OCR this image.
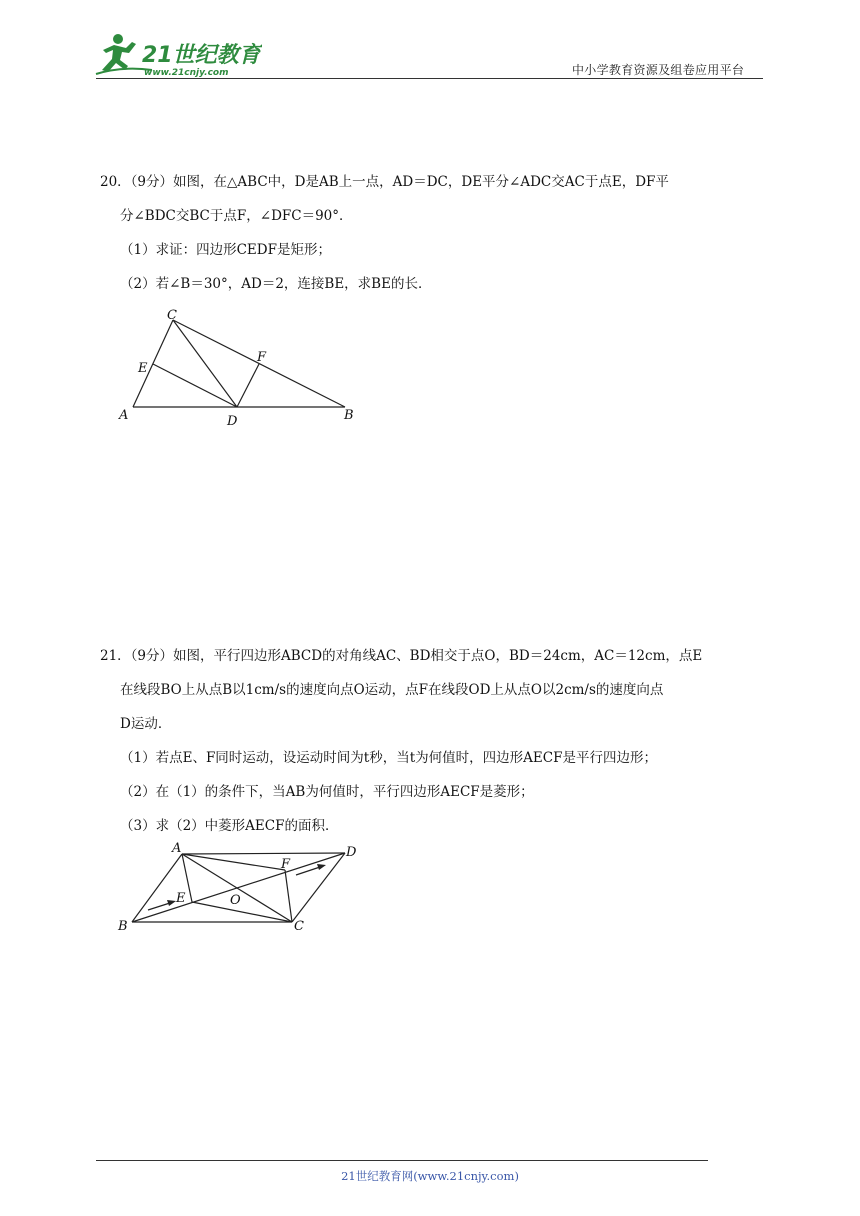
21世纪教育
www.21cnjy.com	中小学教育资源及组卷应用平台
20．（9分）如图，在△ABC中，D是AB上一点，AD＝DC，DE平分∠ADC交AC于点E，DF平
分∠BDC交BC于点F，∠DFC＝90°．
（1）求证：四边形CEDF是矩形；
（2）若∠B＝30°，AD＝2，连接BE，求BE的长．
C
E
F
A	D	B
21．（9分）如图，平行四边形ABCD的对角线AC、BD相交于点O，BD＝24cm，AC＝12cm，点E
在线段BO上从点B以1cm/s的速度向点O运动，点F在线段OD上从点O以2cm/s的速度向点
D运动．
（1）若点E、F同时运动，设运动时间为t秒，当t为何值时，四边形AECF是平行四边形；
（2）在（1）的条件下，当AB为何值时，平行四边形AECF是菱形；
（3）求（2）中菱形AECF的面积．
A	D
F
E	O
B	C
21世纪教育网(www.21cnjy.com)
